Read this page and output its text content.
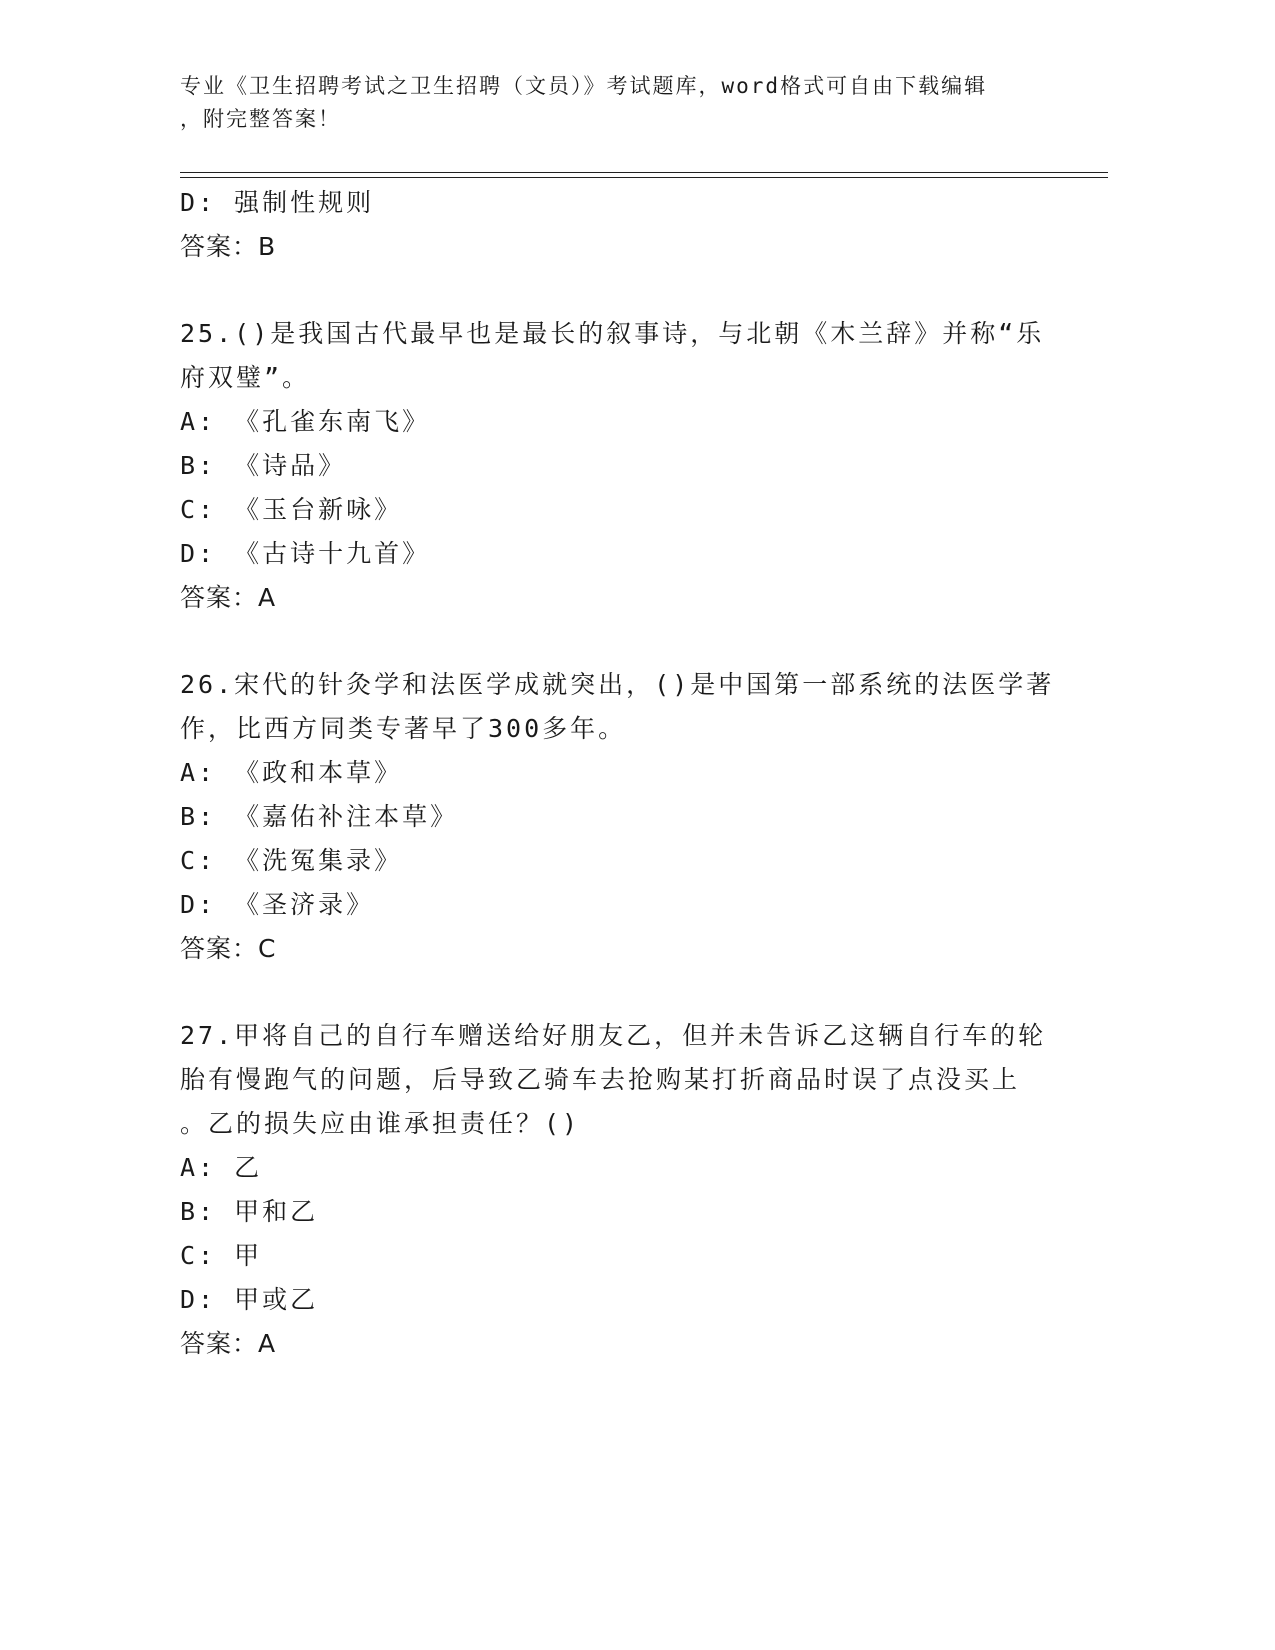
专业《卫生招聘考试之卫生招聘（文员）》考试题库，word格式可自由下载编辑
，附完整答案！
D: 强制性规则
答案：B
25.()是我国古代最早也是最长的叙事诗，与北朝《木兰辞》并称“乐
府双璧”。
A: 《孔雀东南飞》
B: 《诗品》
C: 《玉台新咏》
D: 《古诗十九首》
答案：A
26.宋代的针灸学和法医学成就突出，()是中国第一部系统的法医学著
作，比西方同类专著早了300多年。
A: 《政和本草》
B: 《嘉佑补注本草》
C: 《洗冤集录》
D: 《圣济录》
答案：C
27.甲将自己的自行车赠送给好朋友乙，但并未告诉乙这辆自行车的轮
胎有慢跑气的问题，后导致乙骑车去抢购某打折商品时误了点没买上
。乙的损失应由谁承担责任？()
A: 乙
B: 甲和乙
C: 甲
D: 甲或乙
答案：A
